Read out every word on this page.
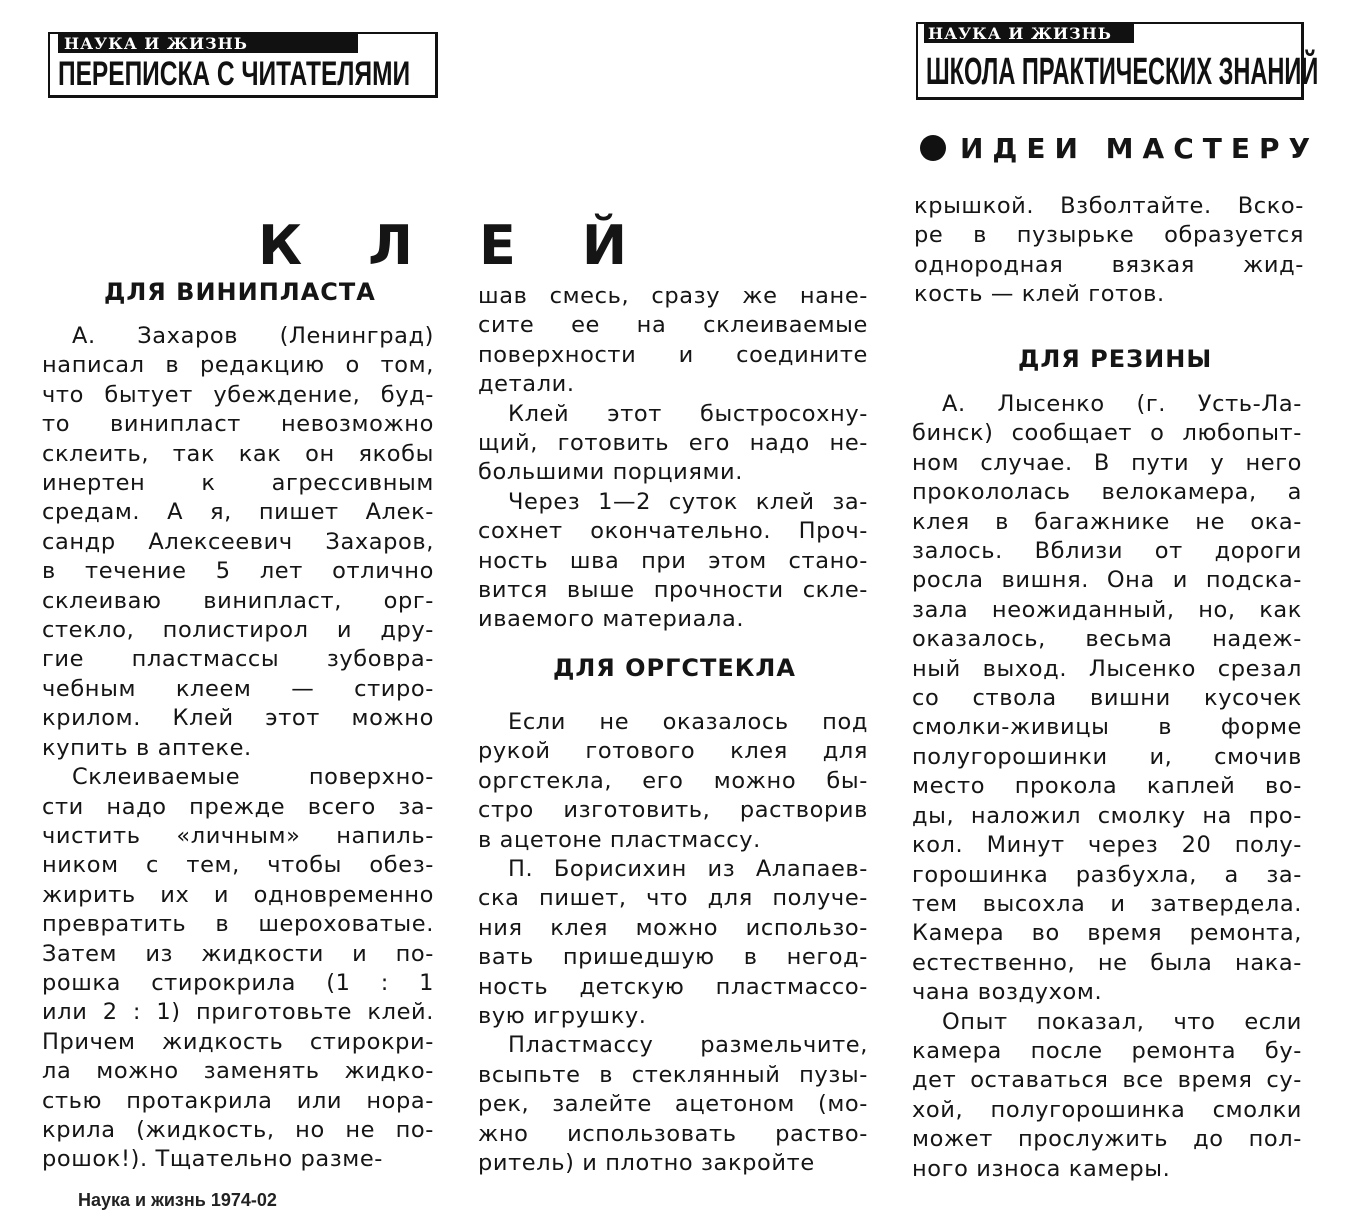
НАУКА И ЖИЗНЬ
ПЕРЕПИСКА С ЧИТАТЕЛЯМИ
НАУКА И ЖИЗНЬ
ШКОЛА ПРАКТИЧЕСКИХ ЗНАНИЙ
ИДЕИ МАСТЕРУ
КЛЕЙ
ДЛЯ ВИНИПЛАСТА
ДЛЯ ОРГСТЕКЛА
ДЛЯ РЕЗИНЫ

А. Захаров (Ленинград)

написал в редакцию о том,

что бытует убеждение, буд-

то винипласт невозможно

склеить, так как он якобы

инертен к агрессивным

средам. А я, пишет Алек-

сандр Алексеевич Захаров,

в течение 5 лет отлично

склеиваю винипласт, орг-

стекло, полистирол и дру-

гие пластмассы зубовра-

чебным клеем — стиро-

крилом. Клей этот можно

купить в аптеке.

Склеиваемые поверхно-

сти надо прежде всего за-

чистить «личным» напиль-

ником с тем, чтобы обез-

жирить их и одновременно

превратить в шероховатые.

Затем из жидкости и по-

рошка стирокрила (1 : 1

или 2 : 1) приготовьте клей.

Причем жидкость стирокри-

ла можно заменять жидко-

стью протакрила или нора-

крила (жидкость, но не по-

рошок!). Тщательно разме-

шав смесь, сразу же нане-

сите ее на склеиваемые

поверхности и соедините

детали.

Клей этот быстросохну-

щий, готовить его надо не-

большими порциями.

Через 1—2 суток клей за-

сохнет окончательно. Проч-

ность шва при этом стано-

вится выше прочности скле-

иваемого материала.

Если не оказалось под

рукой готового клея для

оргстекла, его можно бы-

стро изготовить, растворив

в ацетоне пластмассу.

П. Борисихин из Алапаев-

ска пишет, что для получе-

ния клея можно использо-

вать пришедшую в негод-

ность детскую пластмассо-

вую игрушку.

Пластмассу размельчите,

всыпьте в стеклянный пузы-

рек, залейте ацетоном (мо-

жно использовать раство-

ритель) и плотно закройте

крышкой. Взболтайте. Вско-

ре в пузырьке образуется

однородная вязкая жид-

кость — клей готов.

А. Лысенко (г. Усть-Ла-

бинск) сообщает о любопыт-

ном случае. В пути у него

прокололась велокамера, а

клея в багажнике не ока-

залось. Вблизи от дороги

росла вишня. Она и подска-

зала неожиданный, но, как

оказалось, весьма надеж-

ный выход. Лысенко срезал

со ствола вишни кусочек

смолки-живицы в форме

полугорошинки и, смочив

место прокола каплей во-

ды, наложил смолку на про-

кол. Минут через 20 полу-

горошинка разбухла, а за-

тем высохла и затвердела.

Камера во время ремонта,

естественно, не была нака-

чана воздухом.

Опыт показал, что если

камера после ремонта бу-

дет оставаться все время су-

хой, полугорошинка смолки

может прослужить до пол-

ного износа камеры.

Наука и жизнь 1974-02
